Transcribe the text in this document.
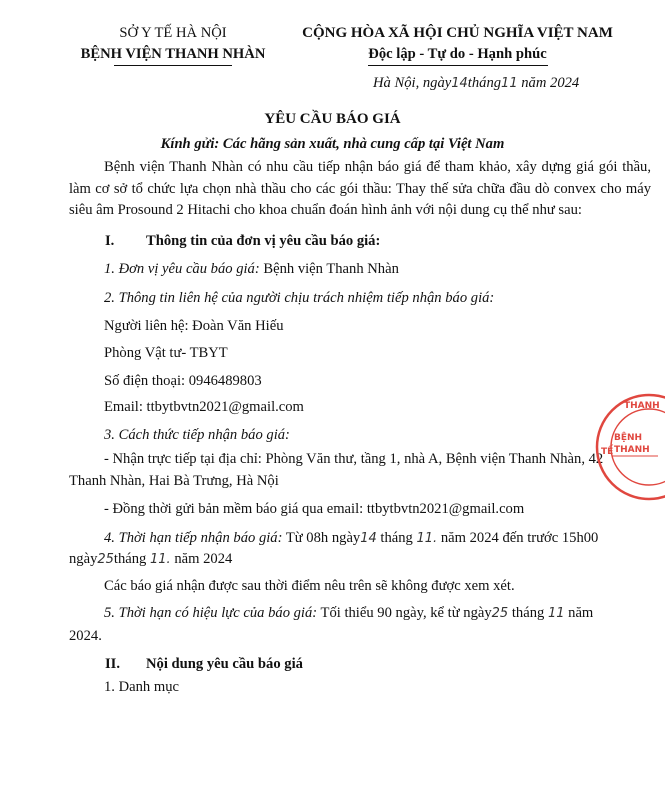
SỞ Y TẾ HÀ NỘI
BỆNH VIỆN THANH NHÀN
CỘNG HÒA XÃ HỘI CHỦ NGHĨA VIỆT NAM
Độc lập - Tự do - Hạnh phúc
Hà Nội, ngày14tháng11 năm 2024
YÊU CẦU BÁO GIÁ
Kính gửi: Các hãng sản xuất, nhà cung cấp tại Việt Nam
Bệnh viện Thanh Nhàn có nhu cầu tiếp nhận báo giá để tham khảo, xây dựng giá gói thầu, làm cơ sở tổ chức lựa chọn nhà thầu cho các gói thầu: Thay thế sửa chữa đầu dò convex cho máy siêu âm Prosound 2 Hitachi cho khoa chuẩn đoán hình ảnh với nội dung cụ thể như sau:
I. Thông tin của đơn vị yêu cầu báo giá:
1. Đơn vị yêu cầu báo giá: Bệnh viện Thanh Nhàn
2. Thông tin liên hệ của người chịu trách nhiệm tiếp nhận báo giá:
Người liên hệ: Đoàn Văn Hiếu
Phòng Vật tư- TBYT
Số điện thoại: 0946489803
Email: ttbytbvtn2021@gmail.com
3. Cách thức tiếp nhận báo giá:
- Nhận trực tiếp tại địa chỉ: Phòng Văn thư, tầng 1, nhà A, Bệnh viện Thanh Nhàn, 42
Thanh Nhàn, Hai Bà Trưng, Hà Nội
- Đồng thời gửi bản mềm báo giá qua email: ttbytbvtn2021@gmail.com
4. Thời hạn tiếp nhận báo giá: Từ 08h ngày14 tháng 11. năm 2024 đến trước 15h00
ngày25tháng 11. năm 2024
Các báo giá nhận được sau thời điểm nêu trên sẽ không được xem xét.
5. Thời hạn có hiệu lực của báo giá: Tối thiểu 90 ngày, kể từ ngày25 tháng 11 năm
2024.
II. Nội dung yêu cầu báo giá
1. Danh mục
THANH
TẾ
BỆNH
THANH
